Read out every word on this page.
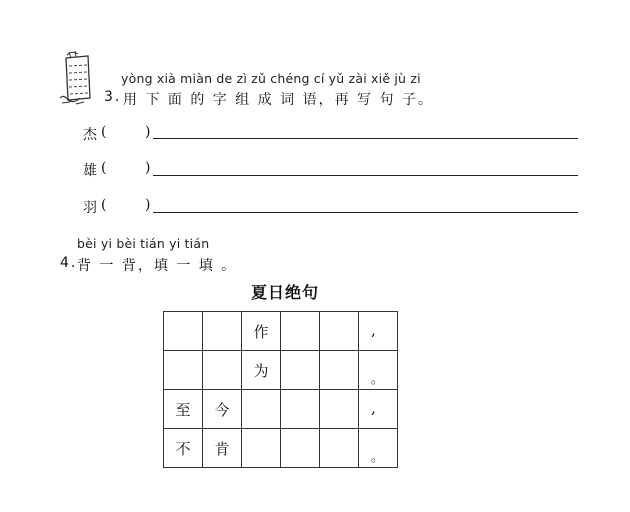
yòng xià miàn de zì zǔ chéng cí yǔ zài xiě jù zi
3. 用 下 面 的 字 组 成 词 语，再 写 句 子。
杰 (	)
雄 (	)
羽 (	)
bèi yi bèi tián yi tián
4. 背 一 背，填 一 填 。
夏日绝句
		作			,

		为			。

至	今				,

不	肯				。
